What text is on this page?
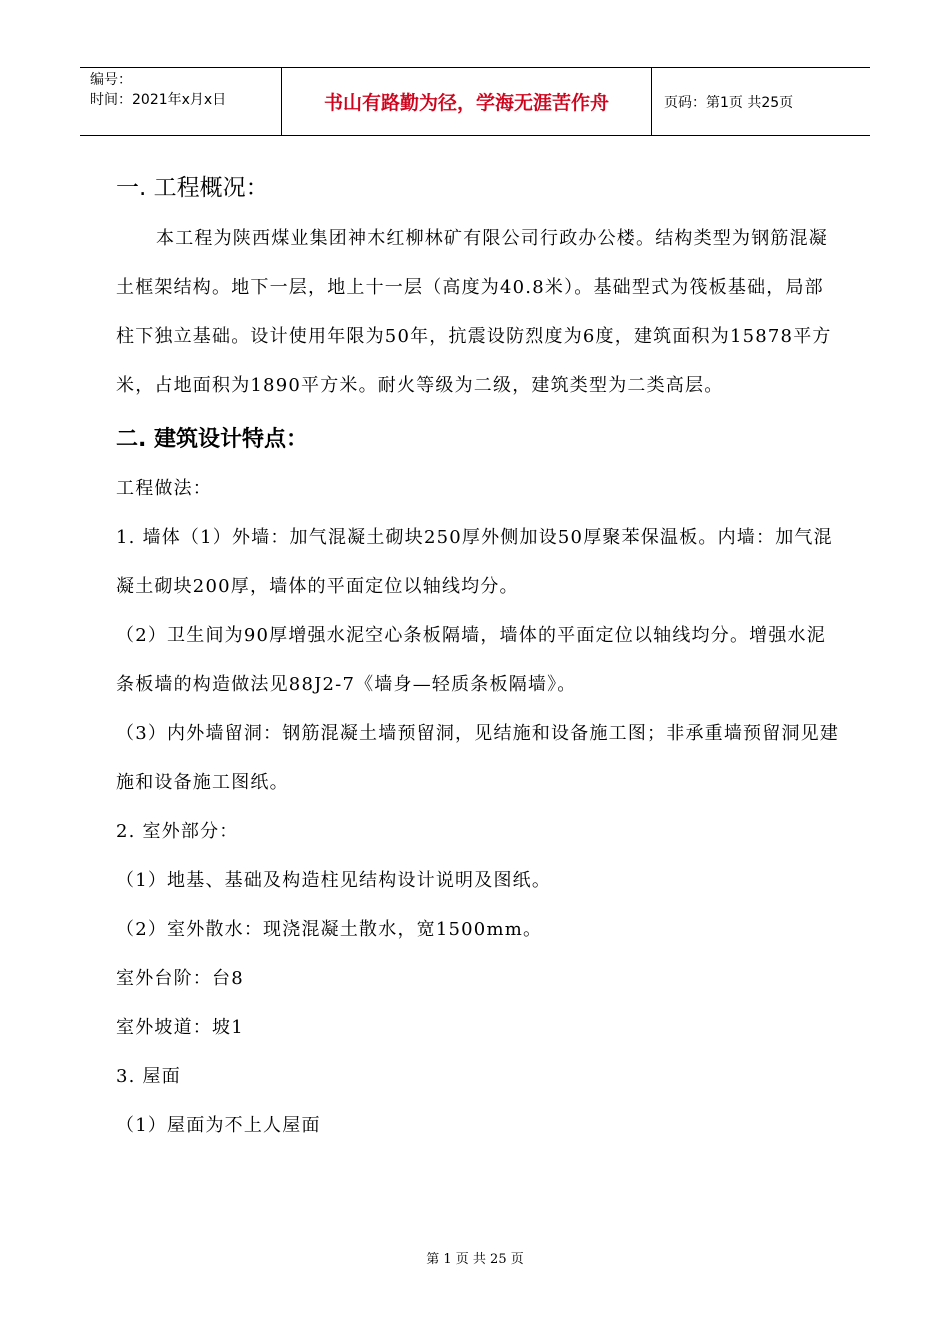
编号：
时间：2021年x月x日	书山有路勤为径，学海无涯苦作舟	页码：第1页 共25页
一. 工程概况：

本工程为陕西煤业集团神木红柳林矿有限公司行政办公楼。结构类型为钢筋混凝土框架结构。地下一层，地上十一层（高度为40.8米）。基础型式为筏板基础，局部柱下独立基础。设计使用年限为50年，抗震设防烈度为6度，建筑面积为15878平方米，占地面积为1890平方米。耐火等级为二级，建筑类型为二类高层。

二. 建筑设计特点：

工程做法：

1. 墙体（1）外墙：加气混凝土砌块250厚外侧加设50厚聚苯保温板。内墙：加气混凝土砌块200厚，墙体的平面定位以轴线均分。

（2）卫生间为90厚增强水泥空心条板隔墙，墙体的平面定位以轴线均分。增强水泥条板墙的构造做法见88J2-7《墙身—轻质条板隔墙》。

（3）内外墙留洞：钢筋混凝土墙预留洞，见结施和设备施工图；非承重墙预留洞见建施和设备施工图纸。

2. 室外部分：

（1）地基、基础及构造柱见结构设计说明及图纸。

（2）室外散水：现浇混凝土散水，宽1500mm。

室外台阶：台8

室外坡道：坡1

3. 屋面

（1）屋面为不上人屋面

第 1 页 共 25 页
